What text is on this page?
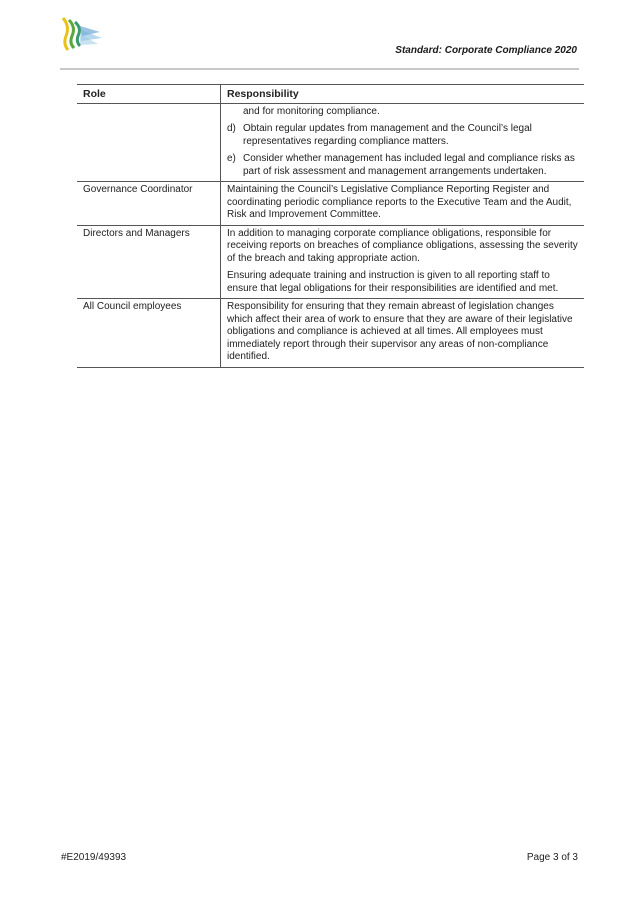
Standard: Corporate Compliance 2020
Role	Responsibility

	and for monitoring compliance.
d) Obtain regular updates from management and the Council’s legal representatives regarding compliance matters.
e) Consider whether management has included legal and compliance risks as part of risk assessment and management arrangements undertaken.

Governance Coordinator	Maintaining the Council’s Legislative Compliance Reporting Register and coordinating periodic compliance reports to the Executive Team and the Audit, Risk and Improvement Committee.

Directors and Managers	In addition to managing corporate compliance obligations, responsible for receiving reports on breaches of compliance obligations, assessing the severity of the breach and taking appropriate action.
Ensuring adequate training and instruction is given to all reporting staff to ensure that legal obligations for their responsibilities are identified and met.

All Council employees	Responsibility for ensuring that they remain abreast of legislation changes which affect their area of work to ensure that they are aware of their legislative obligations and compliance is achieved at all times. All employees must immediately report through their supervisor any areas of non-compliance identified.
#E2019/49393	Page 3 of 3
